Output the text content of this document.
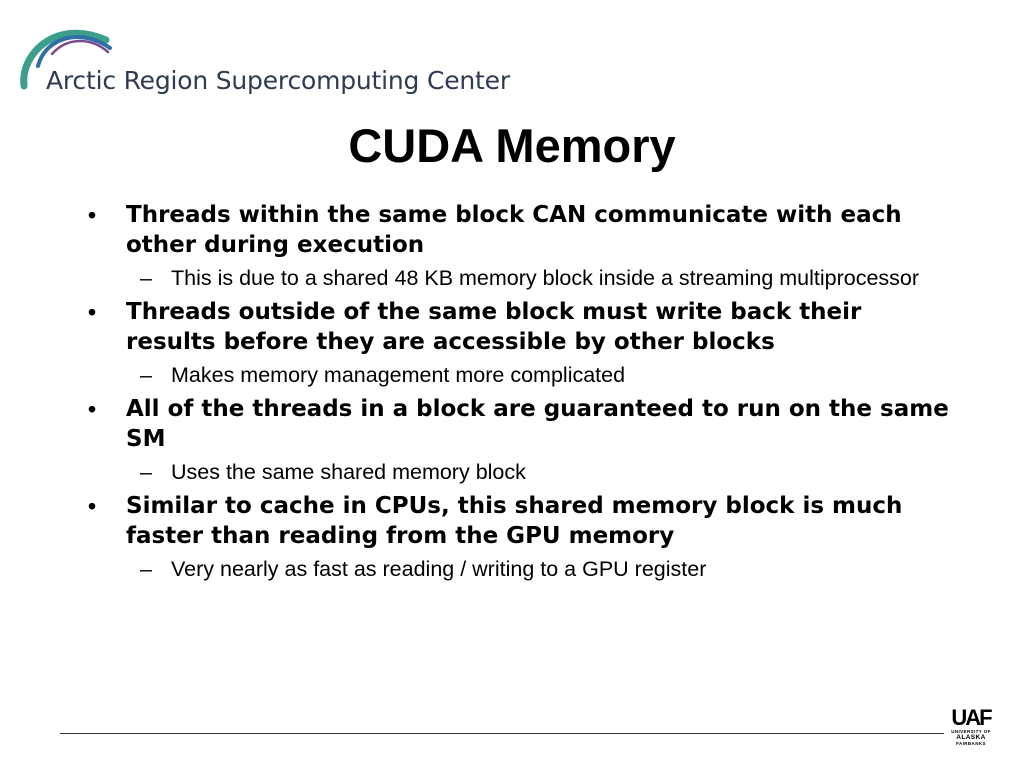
Arctic Region Supercomputing Center
CUDA Memory
• Threads within the same block CAN communicate with each other during execution
– This is due to a shared 48 KB memory block inside a streaming multiprocessor
• Threads outside of the same block must write back their results before they are accessible by other blocks
– Makes memory management more complicated
• All of the threads in a block are guaranteed to run on the same SM
– Uses the same shared memory block
• Similar to cache in CPUs, this shared memory block is much faster than reading from the GPU memory
– Very nearly as fast as reading / writing to a GPU register
UAF
UNIVERSITY OF
ALASKA
FAIRBANKS
